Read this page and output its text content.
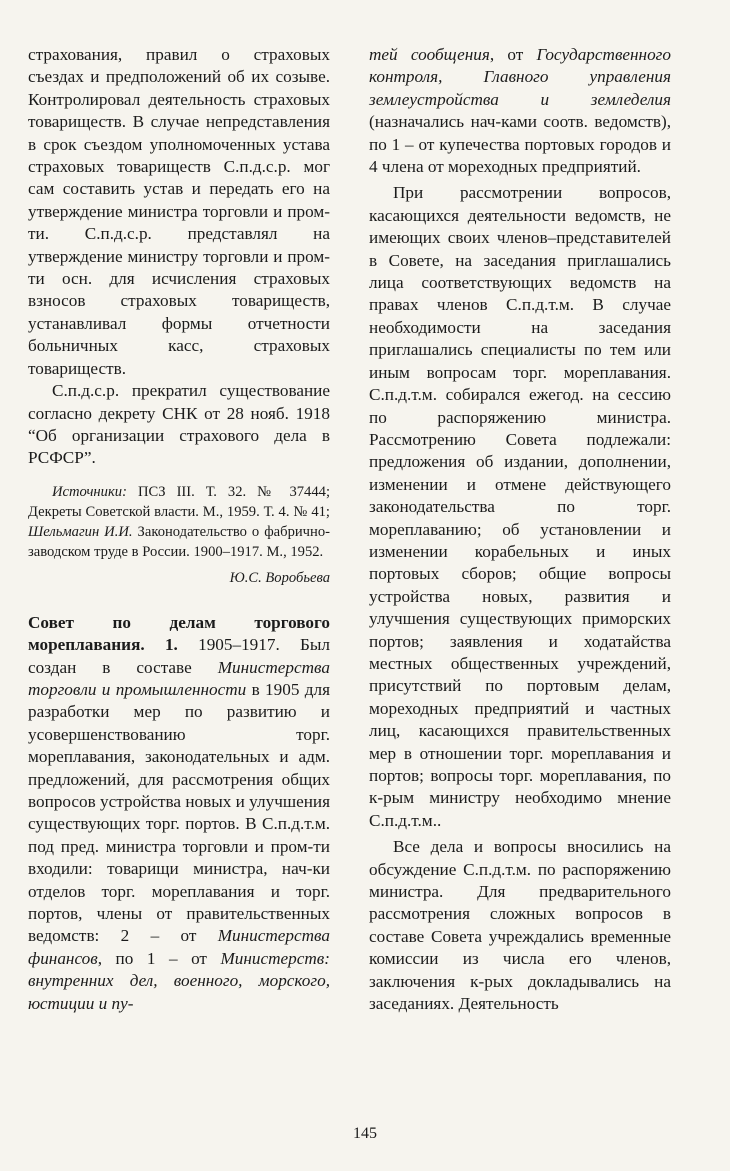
страхования, правил о страховых съездах и предположений об их созыве. Контролировал деятельность страховых товариществ. В случае непредставления в срок съездом уполномоченных устава страховых товариществ С.п.д.с.р. мог сам составить устав и передать его на утверждение министра торговли и пром-ти. С.п.д.с.р. представлял на утверждение министру торговли и пром-ти осн. для исчисления страховых взносов страховых товариществ, устанавливал формы отчетности больничных касс, страховых товариществ.

С.п.д.с.р. прекратил существование согласно декрету СНК от 28 нояб. 1918 “Об организации страхового дела в РСФСР”.

Источники: ПСЗ III. Т. 32. № 37444; Декреты Советской власти. М., 1959. Т. 4. № 41; Шельмагин И.И. Законодательство о фабрично-заводском труде в России. 1900–1917. М., 1952.

Ю.С. Воробьева

Совет по делам торгового мореплавания. 1. 1905–1917. Был создан в составе Министерства торговли и промышленности в 1905 для разработки мер по развитию и усовершенствованию торг. мореплавания, законодательных и адм. предложений, для рассмотрения общих вопросов устройства новых и улучшения существующих торг. портов. В С.п.д.т.м. под пред. министра торговли и пром-ти входили: товарищи министра, нач-ки отделов торг. мореплавания и торг. портов, члены от правительственных ведомств: 2 – от Министерства финансов, по 1 – от Министерств: внутренних дел, военного, морского, юстиции и пу-

тей сообщения, от Государственного контроля, Главного управления землеустройства и земледелия (назначались нач-ками соотв. ведомств), по 1 – от купечества портовых городов и 4 члена от мореходных предприятий.

При рассмотрении вопросов, касающихся деятельности ведомств, не имеющих своих членов–представителей в Совете, на заседания приглашались лица соответствующих ведомств на правах членов С.п.д.т.м. В случае необходимости на заседания приглашались специалисты по тем или иным вопросам торг. мореплавания. С.п.д.т.м. собирался ежегод. на сессию по распоряжению министра. Рассмотрению Совета подлежали: предложения об издании, дополнении, изменении и отмене действующего законодательства по торг. мореплаванию; об установлении и изменении корабельных и иных портовых сборов; общие вопросы устройства новых, развития и улучшения существующих приморских портов; заявления и ходатайства местных общественных учреждений, присутствий по портовым делам, мореходных предприятий и частных лиц, касающихся правительственных мер в отношении торг. мореплавания и портов; вопросы торг. мореплавания, по к-рым министру необходимо мнение С.п.д.т.м..

Все дела и вопросы вносились на обсуждение С.п.д.т.м. по распоряжению министра. Для предварительного рассмотрения сложных вопросов в составе Совета учреждались временные комиссии из числа его членов, заключения к-рых докладывались на заседаниях. Деятельность

145
